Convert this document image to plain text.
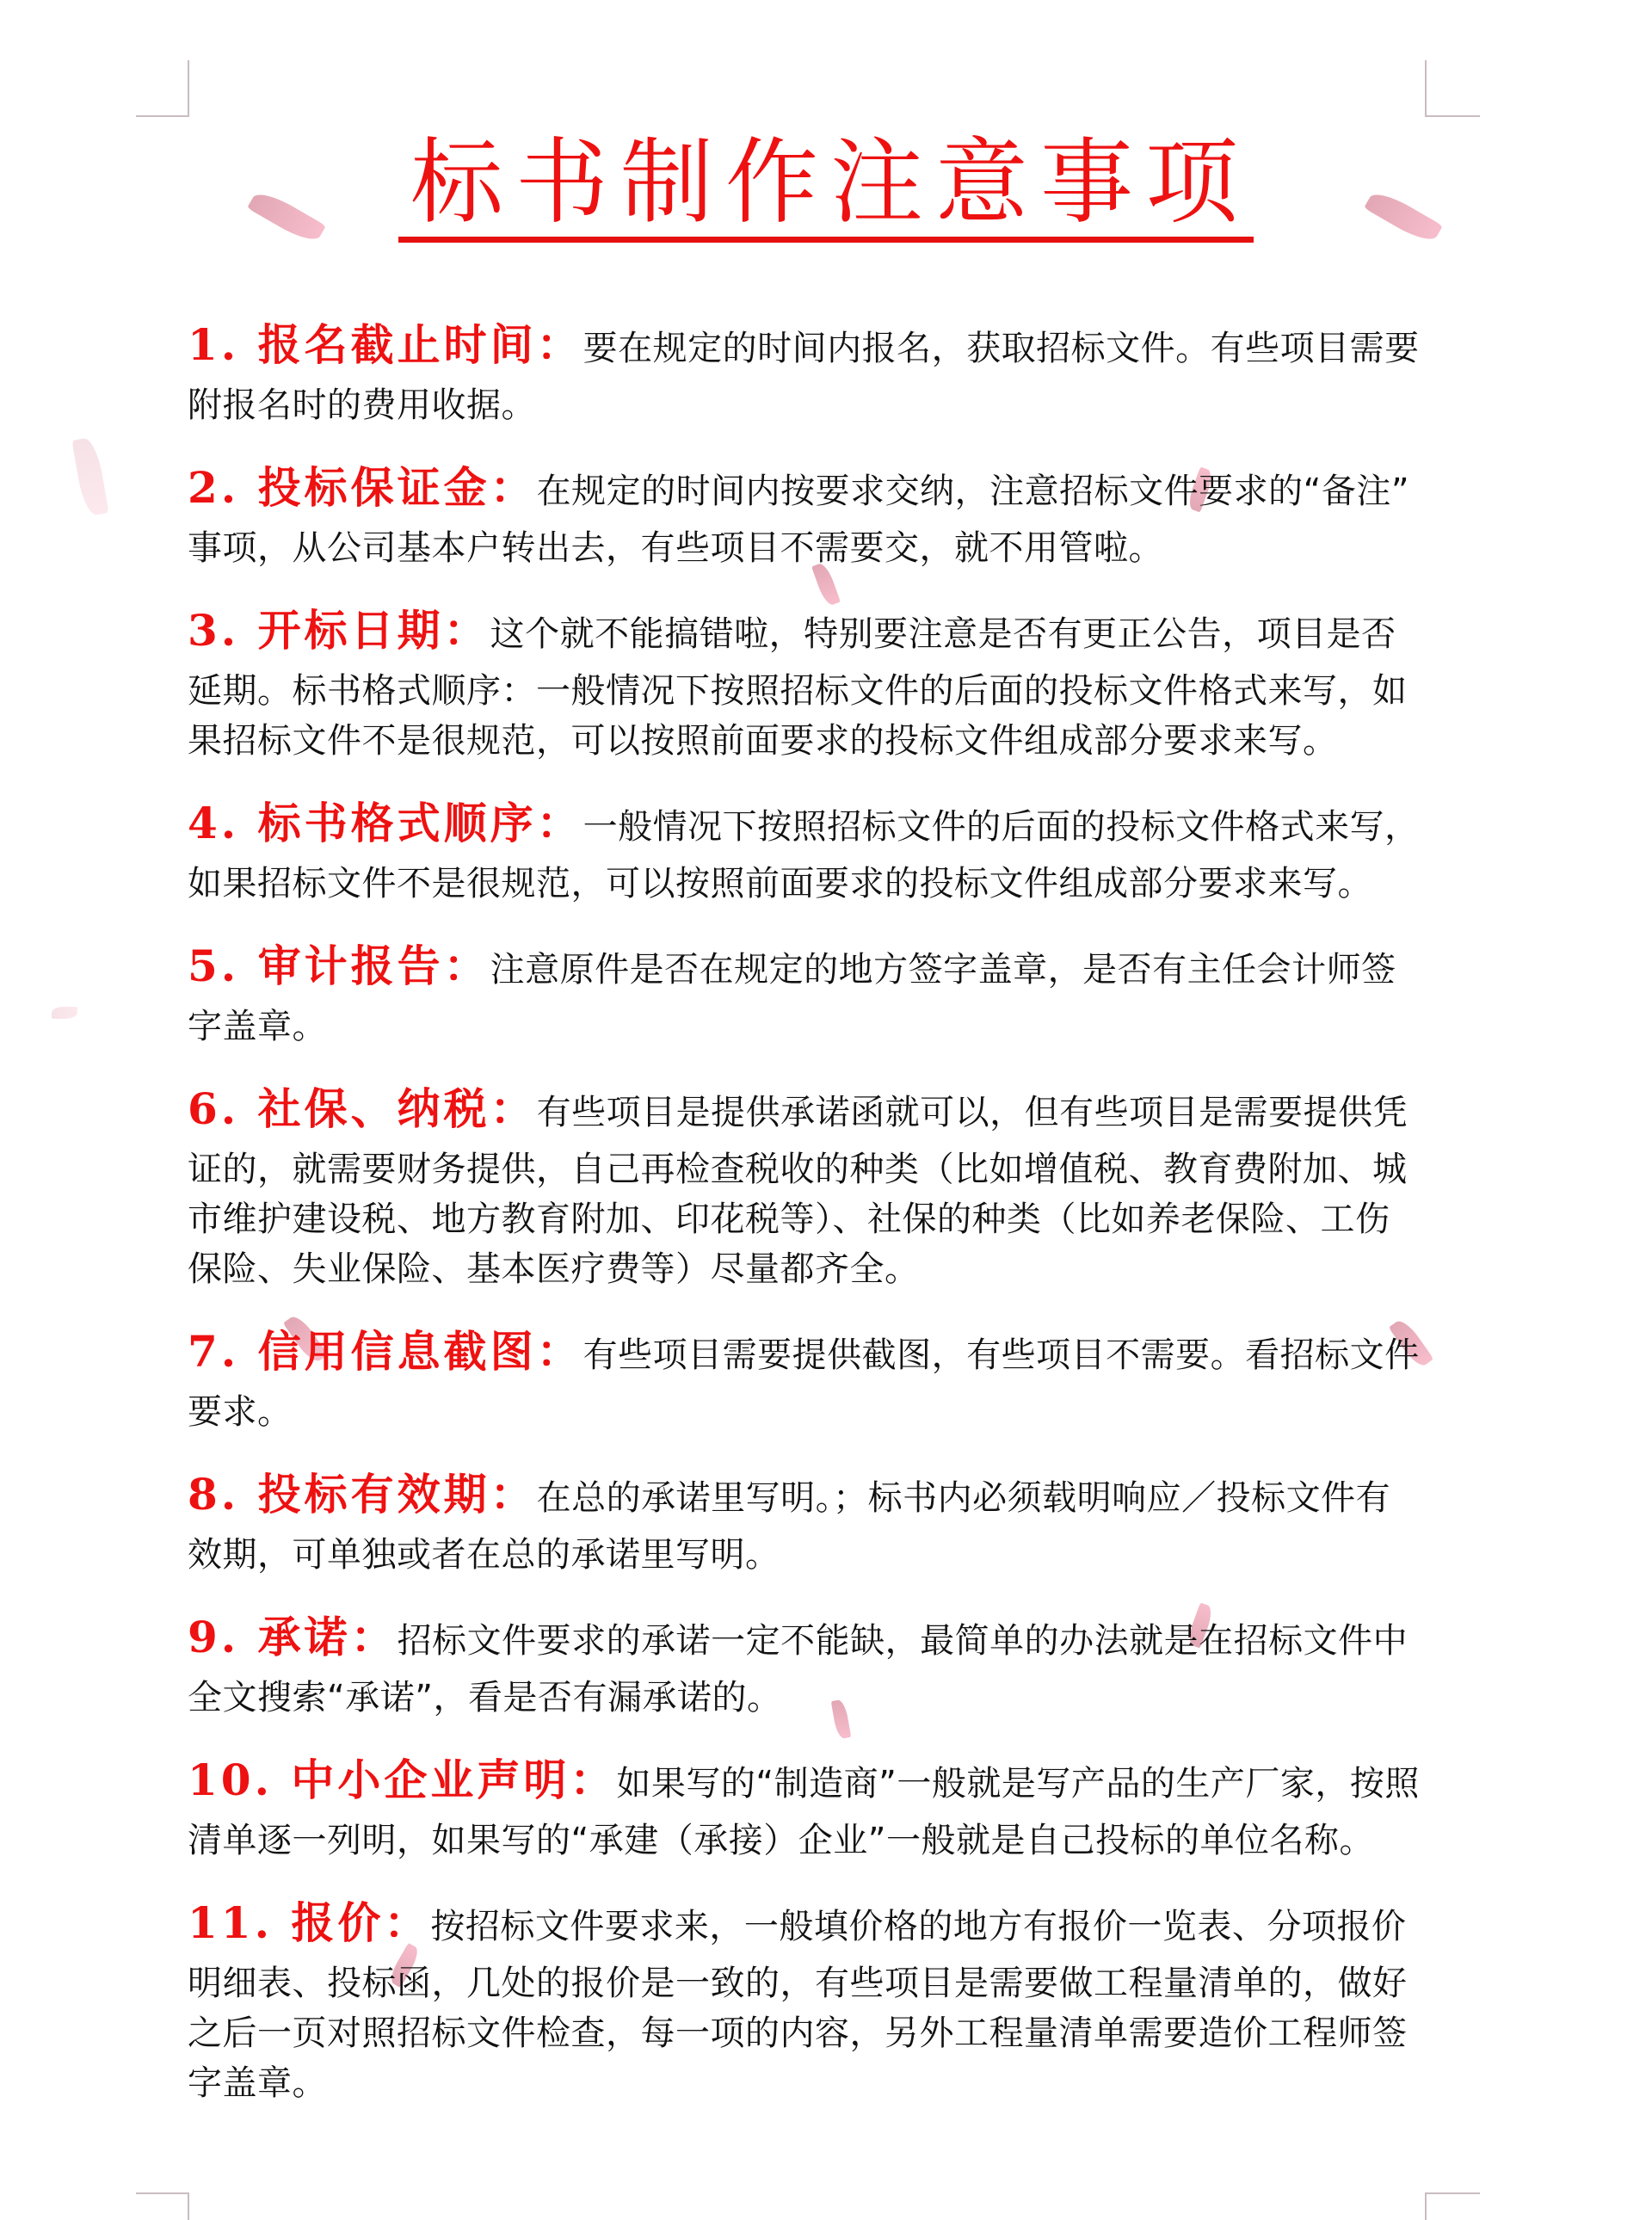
标书制作注意事项
1. 报名截止时间：要在规定的时间内报名，获取招标文件。有些项目需要
附报名时的费用收据。
2. 投标保证金：在规定的时间内按要求交纳，注意招标文件要求的“备注”
事项，从公司基本户转出去，有些项目不需要交，就不用管啦。
3. 开标日期：这个就不能搞错啦，特别要注意是否有更正公告，项目是否
延期。标书格式顺序：一般情况下按照招标文件的后面的投标文件格式来写，如
果招标文件不是很规范，可以按照前面要求的投标文件组成部分要求来写。
4. 标书格式顺序：一般情况下按照招标文件的后面的投标文件格式来写，
如果招标文件不是很规范，可以按照前面要求的投标文件组成部分要求来写。
5. 审计报告：注意原件是否在规定的地方签字盖章，是否有主任会计师签
字盖章。
6. 社保、纳税：有些项目是提供承诺函就可以，但有些项目是需要提供凭
证的，就需要财务提供，自己再检查税收的种类（比如增值税、教育费附加、城
市维护建设税、地方教育附加、印花税等）、社保的种类（比如养老保险、工伤
保险、失业保险、基本医疗费等）尽量都齐全。
7. 信用信息截图：有些项目需要提供截图，有些项目不需要。看招标文件
要求。
8. 投标有效期：在总的承诺里写明。；标书内必须载明响应／投标文件有
效期，可单独或者在总的承诺里写明。
9. 承诺：招标文件要求的承诺一定不能缺，最简单的办法就是在招标文件中
全文搜索“承诺”，看是否有漏承诺的。
10. 中小企业声明：如果写的“制造商”一般就是写产品的生产厂家，按照
清单逐一列明，如果写的“承建（承接）企业”一般就是自己投标的单位名称。
11. 报价：按招标文件要求来，一般填价格的地方有报价一览表、分项报价
明细表、投标函，几处的报价是一致的，有些项目是需要做工程量清单的，做好
之后一页对照招标文件检查，每一项的内容，另外工程量清单需要造价工程师签
字盖章。
